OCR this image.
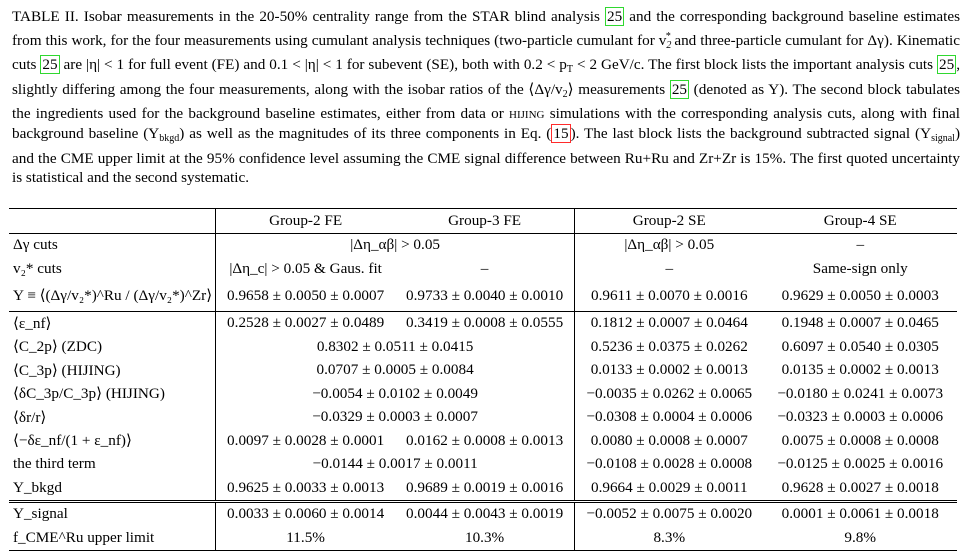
TABLE II. Isobar measurements in the 20-50% centrality range from the STAR blind analysis 25 and the corresponding background baseline estimates from this work, for the four measurements using cumulant analysis techniques (two-particle cumulant for $v_2^*$ and three-particle cumulant for Δγ). Kinematic cuts 25 are |η| < 1 for full event (FE) and 0.1 < |η| < 1 for subevent (SE), both with $0.2 < p_T < 2$ GeV/c. The first block lists the important analysis cuts 25 , slightly differing among the four measurements, along with the isobar ratios of the $⟨\Delta\gamma/v_2⟩$ measurements 25 (denoted as Y). The second block tabulates the ingredients used for the background baseline estimates, either from data or hijing simulations with the corresponding analysis cuts, along with final background baseline $(Y_{bkgd})$ as well as the magnitudes of its three components in Eq. ( 15 ). The last block lists the background subtracted signal $(Y_{signal})$ and the CME upper limit at the 95% confidence level assuming the CME signal difference between Ru+Ru and Zr+Zr is 15%. The first quoted uncertainty is statistical and the second systematic.
	Group-2 FE	Group-3 FE	Group-2 SE	Group-4 SE
Δγ cuts	|Δη_αβ| > 0.05		|Δη_αβ| > 0.05	–
v₂* cuts	|Δη_c| > 0.05 & Gaus. fit	–	–	Same-sign only
Y ≡ ⟨(Δγ/v₂*)^Ru / (Δγ/v₂*)^Zr⟩	0.9658 ± 0.0050 ± 0.0007	0.9733 ± 0.0040 ± 0.0010	0.9611 ± 0.0070 ± 0.0016	0.9629 ± 0.0050 ± 0.0003
⟨ε_nf⟩	0.2528 ± 0.0027 ± 0.0489	0.3419 ± 0.0008 ± 0.0555	0.1812 ± 0.0007 ± 0.0464	0.1948 ± 0.0007 ± 0.0465
⟨C_2p⟩ (ZDC)	0.8302 ± 0.0511 ± 0.0415		0.5236 ± 0.0375 ± 0.0262	0.6097 ± 0.0540 ± 0.0305
⟨C_3p⟩ (HIJING)	0.0707 ± 0.0005 ± 0.0084		0.0133 ± 0.0002 ± 0.0013	0.0135 ± 0.0002 ± 0.0013
⟨δC_3p/C_3p⟩ (HIJING)	−0.0054 ± 0.0102 ± 0.0049		−0.0035 ± 0.0262 ± 0.0065	−0.0180 ± 0.0241 ± 0.0073
⟨δr/r⟩	−0.0329 ± 0.0003 ± 0.0007		−0.0308 ± 0.0004 ± 0.0006	−0.0323 ± 0.0003 ± 0.0006
⟨−δε_nf/(1 + ε_nf)⟩	0.0097 ± 0.0028 ± 0.0001	0.0162 ± 0.0008 ± 0.0013	0.0080 ± 0.0008 ± 0.0007	0.0075 ± 0.0008 ± 0.0008
the third term	−0.0144 ± 0.0017 ± 0.0011		−0.0108 ± 0.0028 ± 0.0008	−0.0125 ± 0.0025 ± 0.0016
Y_bkgd	0.9625 ± 0.0033 ± 0.0013	0.9689 ± 0.0019 ± 0.0016	0.9664 ± 0.0029 ± 0.0011	0.9628 ± 0.0027 ± 0.0018
Y_signal	0.0033 ± 0.0060 ± 0.0014	0.0044 ± 0.0043 ± 0.0019	−0.0052 ± 0.0075 ± 0.0020	0.0001 ± 0.0061 ± 0.0018
f_CME^Ru upper limit	11.5%	10.3%	8.3%	9.8%
